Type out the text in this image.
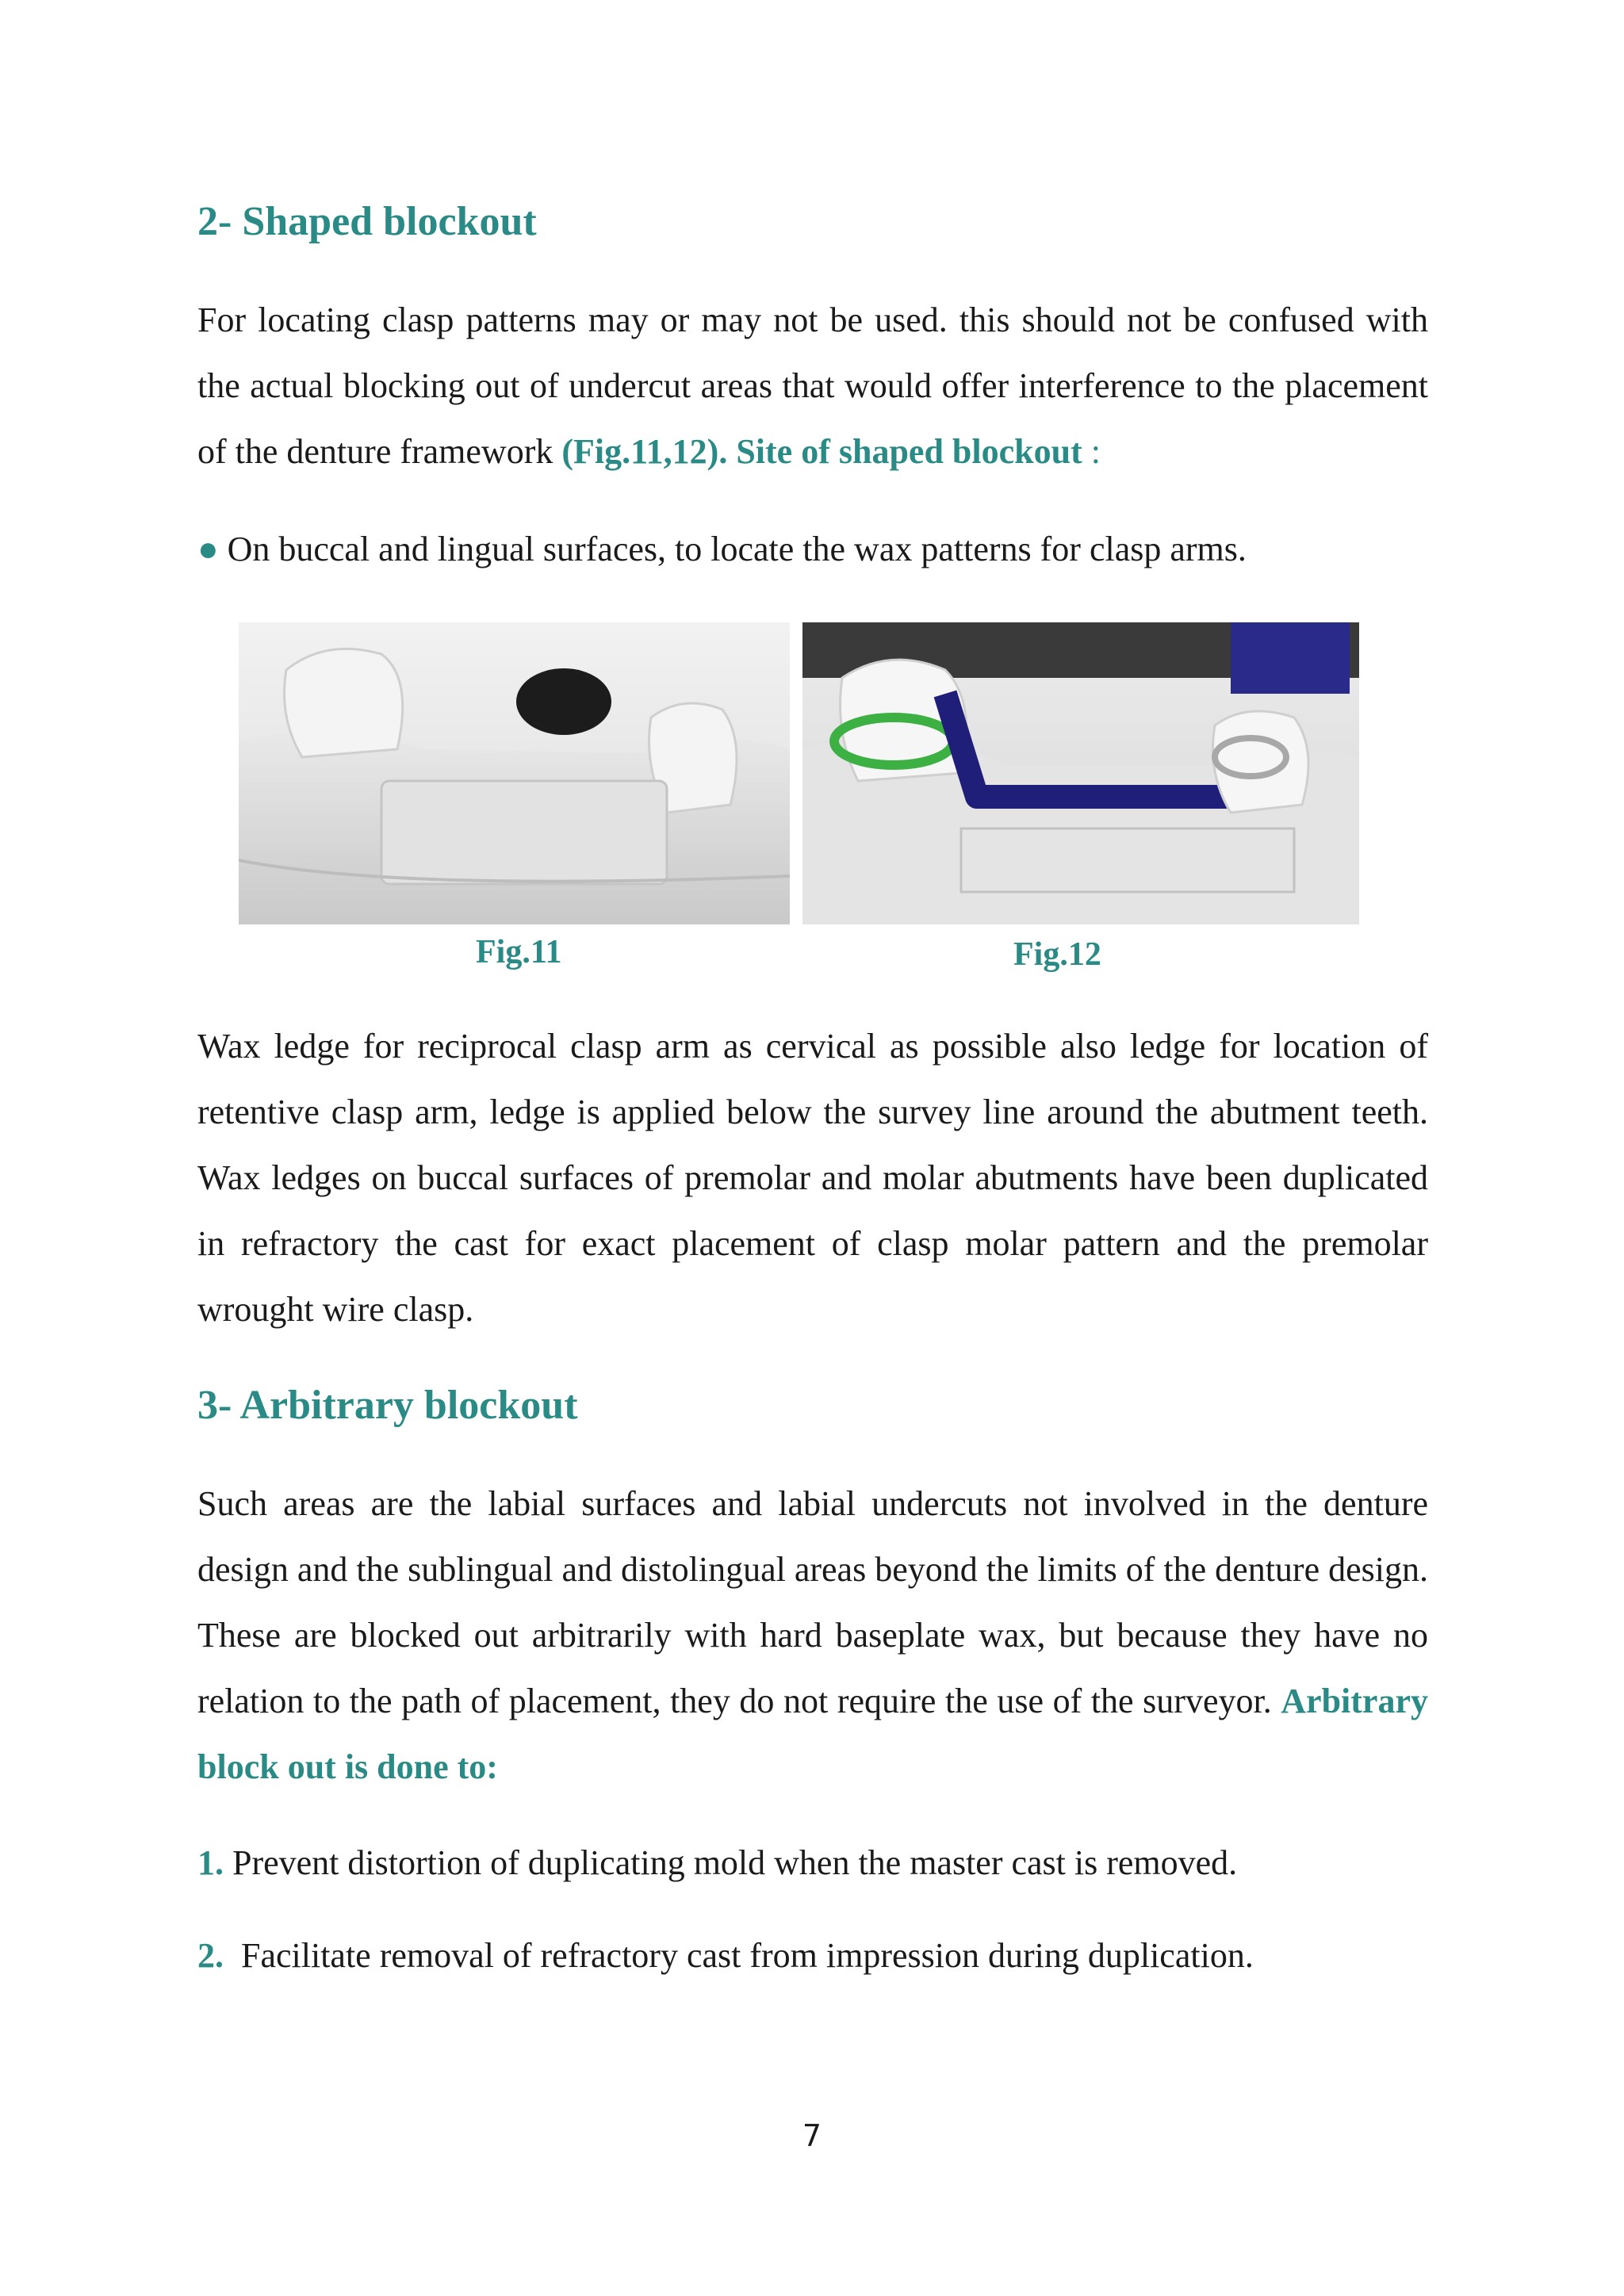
2- Shaped blockout

For locating clasp patterns may or may not be used. this should not be confused with the actual blocking out of undercut areas that would offer interference to the placement of the denture framework (Fig.11,12). Site of shaped blockout :

● On buccal and lingual surfaces, to locate the wax patterns for clasp arms.

Fig.11	Fig.12

Wax ledge for reciprocal clasp arm as cervical as possible also ledge for location of retentive clasp arm, ledge is applied below the survey line around the abutment teeth. Wax ledges on buccal surfaces of premolar and molar abutments have been duplicated in refractory the cast for exact placement of clasp molar pattern and the premolar wrought wire clasp.

3- Arbitrary blockout

Such areas are the labial surfaces and labial undercuts not involved in the denture design and the sublingual and distolingual areas beyond the limits of the denture design. These are blocked out arbitrarily with hard baseplate wax, but because they have no relation to the path of placement, they do not require the use of the surveyor. Arbitrary block out is done to:

1. Prevent distortion of duplicating mold when the master cast is removed.

2.  Facilitate removal of refractory cast from impression during duplication.

7
